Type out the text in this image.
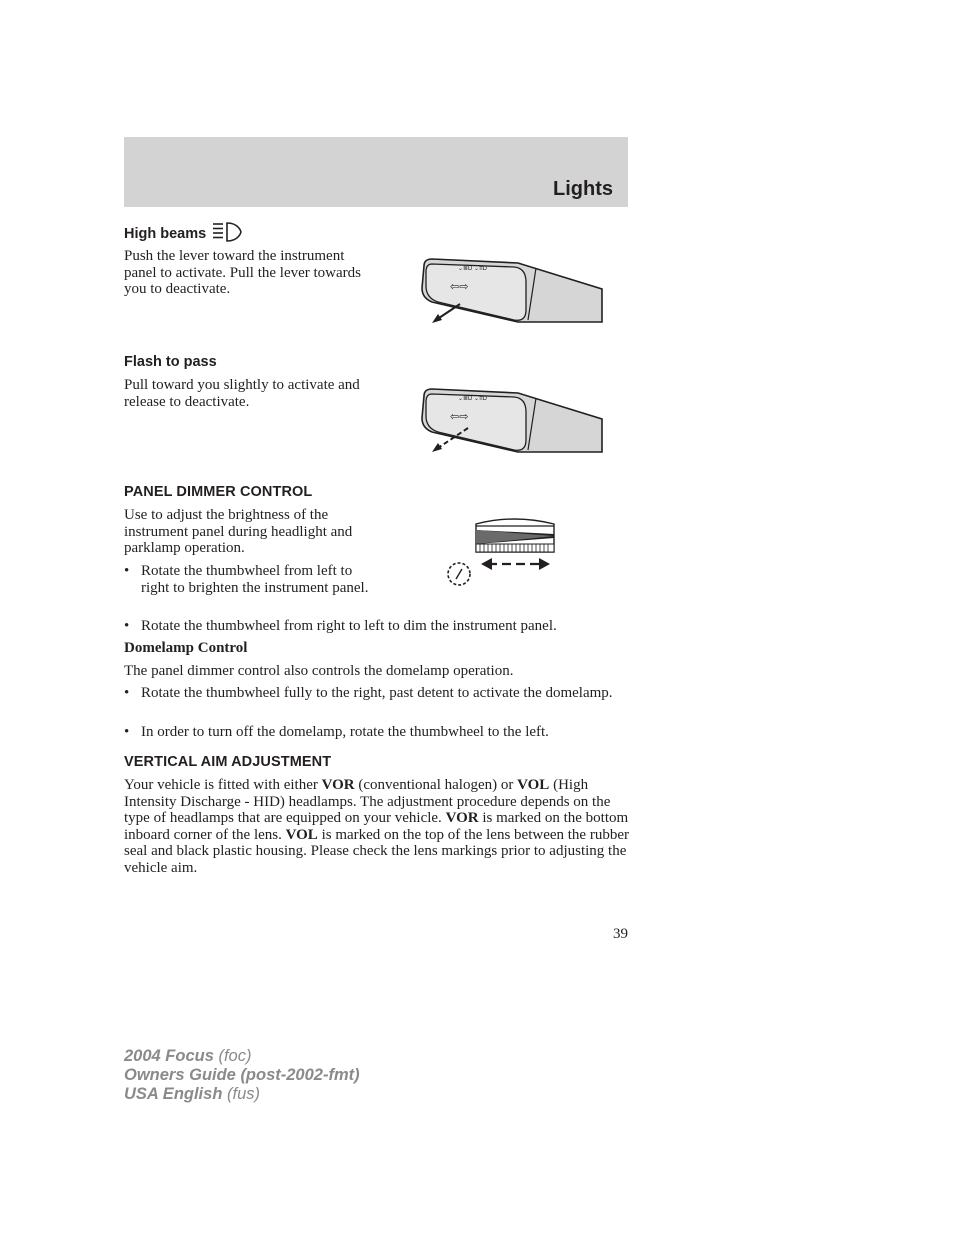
Lights
High beams
Push the lever toward the instrument panel to activate. Pull the lever towards you to deactivate.
⌄≣D ⌄≡D
⇦⇨
Flash to pass
Pull toward you slightly to activate and release to deactivate.	⌄≣D ⌄≡D
⇦⇨
PANEL DIMMER CONTROL
Use to adjust the brightness of the instrument panel during headlight and parklamp operation.
• Rotate the thumbwheel from left to right to brighten the instrument panel.
• Rotate the thumbwheel from right to left to dim the instrument panel.
Domelamp Control
The panel dimmer control also controls the domelamp operation.
• Rotate the thumbwheel fully to the right, past detent to activate the domelamp.
• In order to turn off the domelamp, rotate the thumbwheel to the left.
VERTICAL AIM ADJUSTMENT
Your vehicle is fitted with either VOR (conventional halogen) or VOL (High Intensity Discharge - HID) headlamps. The adjustment procedure depends on the type of headlamps that are equipped on your vehicle. VOR is marked on the bottom inboard corner of the lens. VOL is marked on the top of the lens between the rubber seal and black plastic housing. Please check the lens markings prior to adjusting the vehicle aim.
39
2004 Focus (foc)
Owners Guide (post-2002-fmt)
USA English (fus)
